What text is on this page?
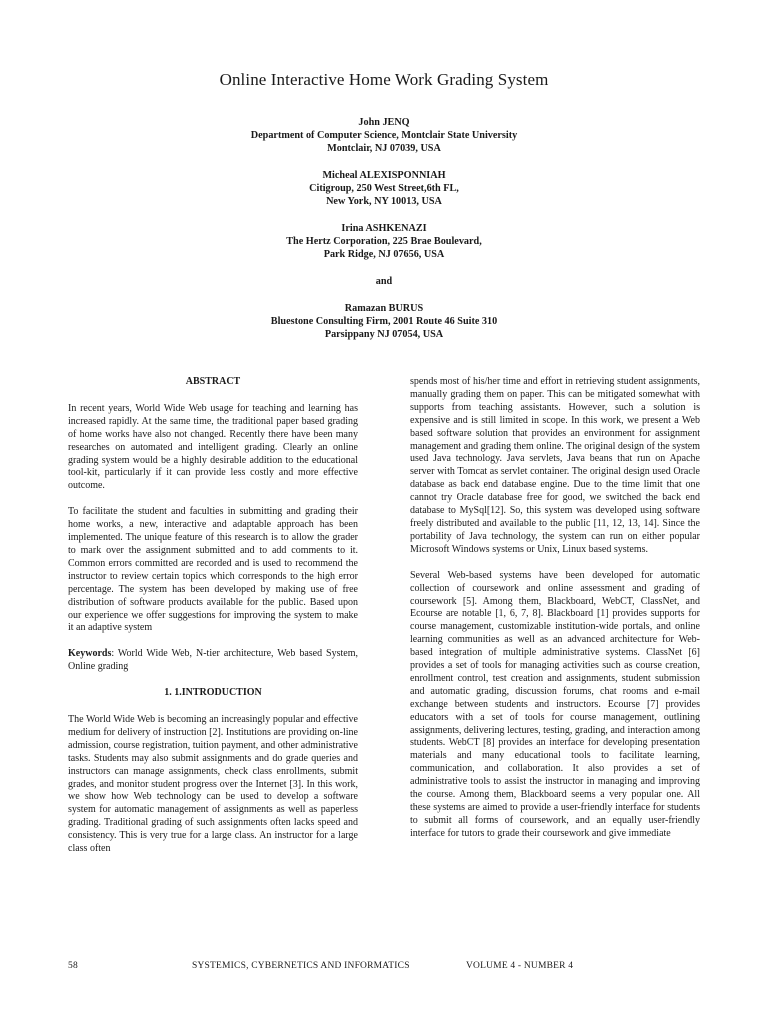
Online Interactive Home Work Grading System
John JENQ
Department of Computer Science, Montclair State University
Montclair, NJ 07039, USA
Micheal ALEXISPONNIAH
Citigroup, 250 West Street,6th FL,
New York, NY 10013, USA
Irina ASHKENAZI
The Hertz Corporation, 225 Brae Boulevard,
Park Ridge, NJ 07656, USA
and
Ramazan BURUS
Bluestone Consulting Firm, 2001 Route 46 Suite 310
Parsippany NJ 07054, USA
ABSTRACT

In recent years, World Wide Web usage for teaching and learning has increased rapidly. At the same time, the traditional paper based grading of home works have also not changed. Recently there have been many researches on automated and intelligent grading. Clearly an online grading system would be a highly desirable addition to the educational tool-kit, particularly if it can provide less costly and more effective outcome.

To facilitate the student and faculties in submitting and grading their home works, a new, interactive and adaptable approach has been implemented. The unique feature of this research is to allow the grader to mark over the assignment submitted and to add comments to it. Common errors committed are recorded and is used to recommend the instructor to review certain topics which corresponds to the high error percentage. The system has been developed by making use of free distribution of software products available for the public. Based upon our experience we offer suggestions for improving the system to make it an adaptive system

Keywords: World Wide Web, N-tier architecture, Web based System, Online grading

1. 1.INTRODUCTION

The World Wide Web is becoming an increasingly popular and effective medium for delivery of instruction [2]. Institutions are providing on-line admission, course registration, tuition payment, and other administrative tasks. Students may also submit assignments and do grade queries and instructors can manage assignments, check class enrollments, submit grades, and monitor student progress over the Internet [3]. In this work, we show how Web technology can be used to develop a software system for automatic management of assignments as well as paperless grading. Traditional grading of such assignments often lacks speed and consistency. This is very true for a large class. An instructor for a large class often

spends most of his/her time and effort in retrieving student assignments, manually grading them on paper. This can be mitigated somewhat with supports from teaching assistants. However, such a solution is expensive and is still limited in scope. In this work, we present a Web based software solution that provides an environment for assignment management and grading them online. The original design of the system used Java technology. Java servlets, Java beans that run on Apache server with Tomcat as servlet container. The original design used Oracle database as back end database engine. Due to the time limit that one cannot try Oracle database free for good, we switched the back end database to MySql[12]. So, this system was developed using software freely distributed and available to the public [11, 12, 13, 14]. Since the portability of Java technology, the system can run on either popular Microsoft Windows systems or Unix, Linux based systems.

Several Web-based systems have been developed for automatic collection of coursework and online assessment and grading of coursework [5]. Among them, Blackboard, WebCT, ClassNet, and Ecourse are notable [1, 6, 7, 8]. Blackboard [1] provides supports for course management, customizable institution-wide portals, and online learning communities as well as an advanced architecture for Web-based integration of multiple administrative systems. ClassNet [6] provides a set of tools for managing activities such as course creation, enrollment control, test creation and assignments, student submission and automatic grading, discussion forums, chat rooms and e-mail exchange between students and instructors. Ecourse [7] provides educators with a set of tools for course management, outlining assignments, delivering lectures, testing, grading, and interaction among students. WebCT [8] provides an interface for developing presentation materials and many educational tools to facilitate learning, communication, and collaboration. It also provides a set of administrative tools to assist the instructor in managing and improving the course. Among them, Blackboard seems a very popular one. All these systems are aimed to provide a user-friendly interface for students to submit all forms of coursework, and an equally user-friendly interface for tutors to grade their coursework and give immediate

58	SYSTEMICS, CYBERNETICS AND INFORMATICS	VOLUME 4 - NUMBER 4
